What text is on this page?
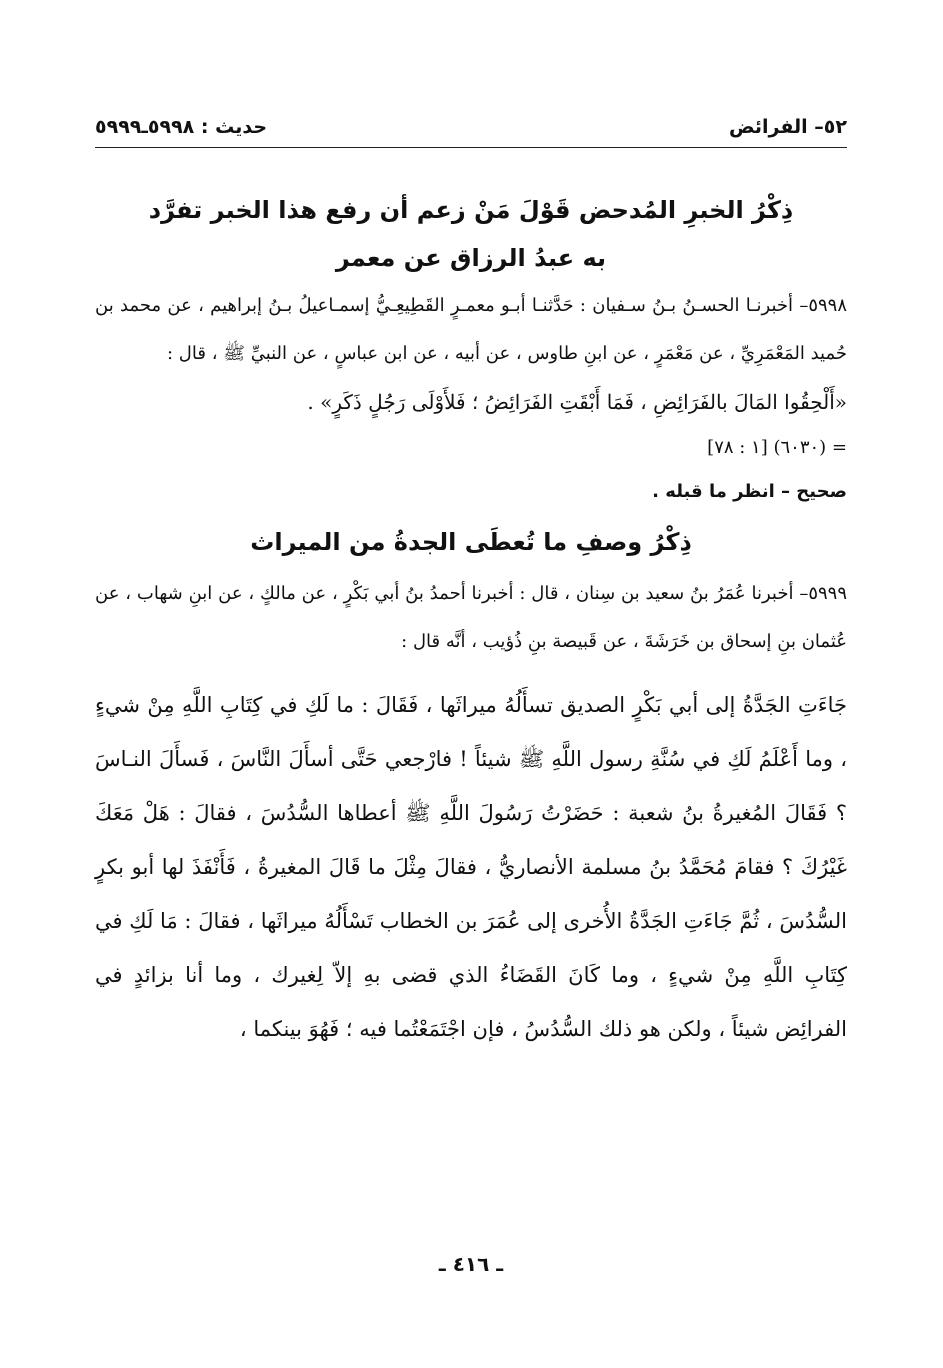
٥٢– الفرائض
حديث : ٥٩٩٨ـ٥٩٩٩

ذِكْرُ الخبرِ المُدحض قَوْلَ مَنْ زعم أن رفع هذا الخبر تفرَّد

به عبدُ الرزاق عن معمر

٥٩٩٨– أخبرنـا الحسـنُ بـنُ سـفيان : حَدَّثنـا أبـو معمـرٍ القَطِيعِـيُّ إسمـاعيلُ بـنُ إبراهيم ، عن محمد بن حُميد المَعْمَرِيِّ ، عن مَعْمَرٍ ، عن ابنِ طاوس ، عن أبيه ، عن ابن عباسٍ ، عن النبيِّ ﷺ ، قال :

«أَلْحِقُوا المَالَ بالفَرَائِضِ ، فَمَا أَبْقَتِ الفَرَائِضُ ؛ فَلأَوْلَى رَجُلٍ ذَكَرٍ» .

= (٦٠٣٠) [١ : ٧٨]

صحيح – انظر ما قبله .

ذِكْرُ وصفِ ما تُعطَى الجدةُ من الميراث

٥٩٩٩– أخبرنا عُمَرُ بنُ سعيد بن سِنان ، قال : أخبرنا أحمدُ بنُ أبي بَكْرٍ ، عن مالكٍ ، عن ابنِ شهاب ، عن عُثمان بنِ إسحاق بن خَرَشَةَ ، عن قَبيصة بنِ ذُؤيب ، أنَّه قال :

جَاءَتِ الجَدَّةُ إلى أبي بَكْرٍ الصديق تسأَلُهُ ميراثَها ، فَقَالَ : ما لَكِ في كِتَابِ اللَّهِ مِنْ شيءٍ ، وما أَعْلَمُ لَكِ في سُنَّةِ رسول اللَّهِ ﷺ شيئاً ! فارْجعي حَتَّى أسأَلَ النَّاسَ ، فَسأَلَ النـاسَ ؟ فَقَالَ المُغيرةُ بنُ شعبة : حَضَرْتُ رَسُولَ اللَّهِ ﷺ أعطاها السُّدُسَ ، فقالَ : هَلْ مَعَكَ غَيْرُكَ ؟ فقامَ مُحَمَّدُ بنُ مسلمة الأنصاريُّ ، فقالَ مِثْلَ ما قَالَ المغيرةُ ، فَأَنْفَذَ لها أبو بكرٍ السُّدُسَ ، ثُمَّ جَاءَتِ الجَدَّةُ الأُخرى إلى عُمَرَ بن الخطاب تَسْأَلُهُ ميراثَها ، فقالَ : مَا لَكِ في كِتَابِ اللَّهِ مِنْ شيءٍ ، وما كَانَ القَضَاءُ الذي قضى بهِ إلاّ لِغيرك ، وما أنا بزائدٍ في الفرائِض شيئاً ، ولكن هو ذلك السُّدُسُ ، فإن اجْتَمَعْتُما فيه ؛ فَهُوَ بينكما ،

ـ ٤١٦ ـ
